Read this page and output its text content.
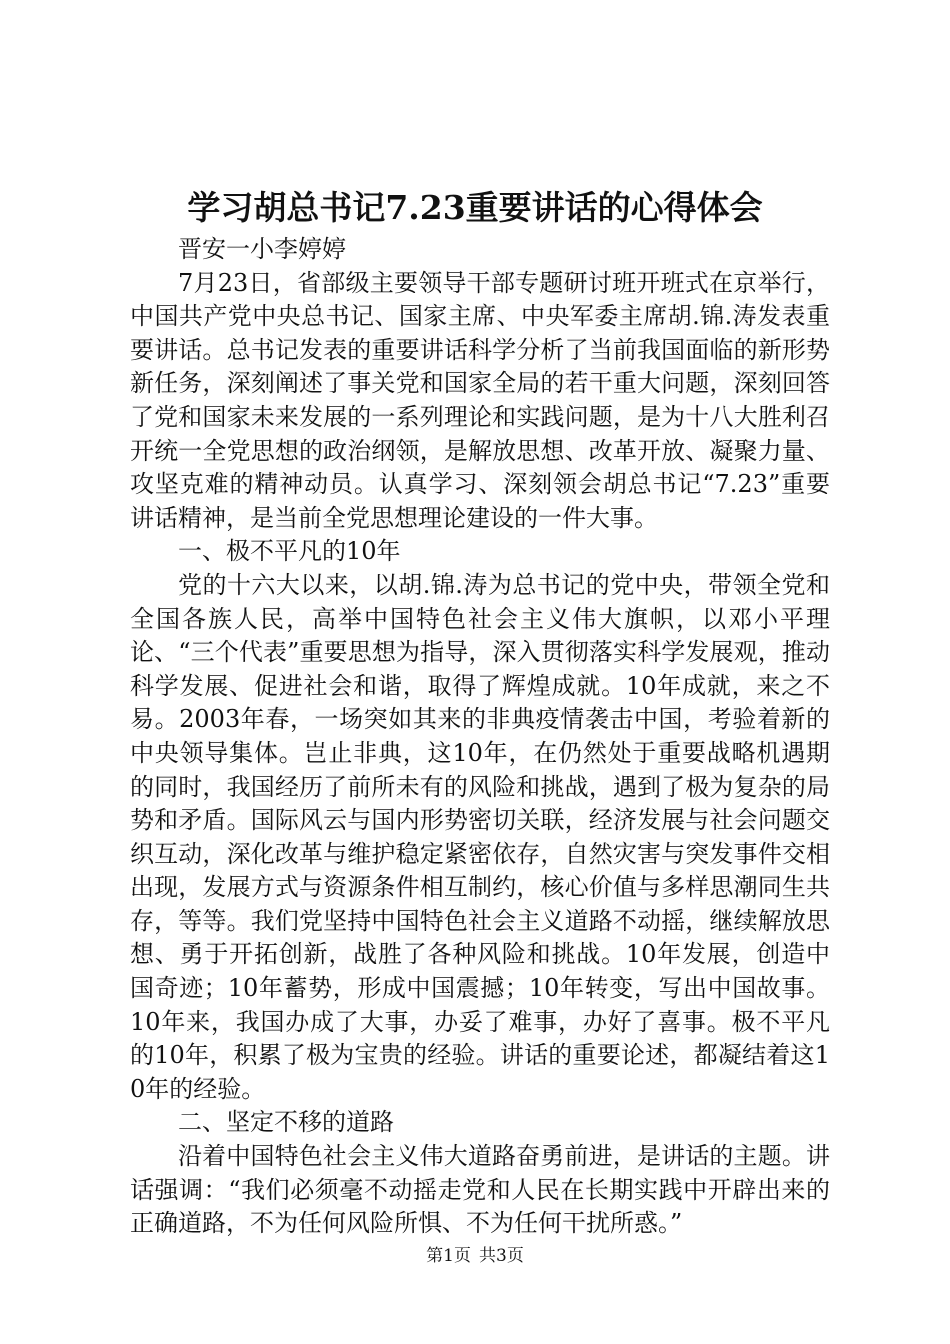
学习胡总书记7.23重要讲话的心得体会

晋安一小李婷婷

7月23日，省部级主要领导干部专题研讨班开班式在京举行，中国共产党中央总书记、国家主席、中央军委主席胡.锦.涛发表重要讲话。总书记发表的重要讲话科学分析了当前我国面临的新形势新任务，深刻阐述了事关党和国家全局的若干重大问题，深刻回答了党和国家未来发展的一系列理论和实践问题，是为十八大胜利召开统一全党思想的政治纲领，是解放思想、改革开放、凝聚力量、攻坚克难的精神动员。认真学习、深刻领会胡总书记“7.23”重要讲话精神，是当前全党思想理论建设的一件大事。

一、极不平凡的10年

党的十六大以来，以胡.锦.涛为总书记的党中央，带领全党和全国各族人民，高举中国特色社会主义伟大旗帜，以邓小平理论、“三个代表”重要思想为指导，深入贯彻落实科学发展观，推动科学发展、促进社会和谐，取得了辉煌成就。10年成就，来之不易。2003年春，一场突如其来的非典疫情袭击中国，考验着新的中央领导集体。岂止非典，这10年，在仍然处于重要战略机遇期的同时，我国经历了前所未有的风险和挑战，遇到了极为复杂的局势和矛盾。国际风云与国内形势密切关联，经济发展与社会问题交织互动，深化改革与维护稳定紧密依存，自然灾害与突发事件交相出现，发展方式与资源条件相互制约，核心价值与多样思潮同生共存，等等。我们党坚持中国特色社会主义道路不动摇，继续解放思想、勇于开拓创新，战胜了各种风险和挑战。10年发展，创造中国奇迹；10年蓄势，形成中国震撼；10年转变，写出中国故事。10年来，我国办成了大事，办妥了难事，办好了喜事。极不平凡的10年，积累了极为宝贵的经验。讲话的重要论述，都凝结着这10年的经验。

二、坚定不移的道路

沿着中国特色社会主义伟大道路奋勇前进，是讲话的主题。讲话强调：“我们必须毫不动摇走党和人民在长期实践中开辟出来的正确道路，不为任何风险所惧、不为任何干扰所惑。”

第1页 共3页
